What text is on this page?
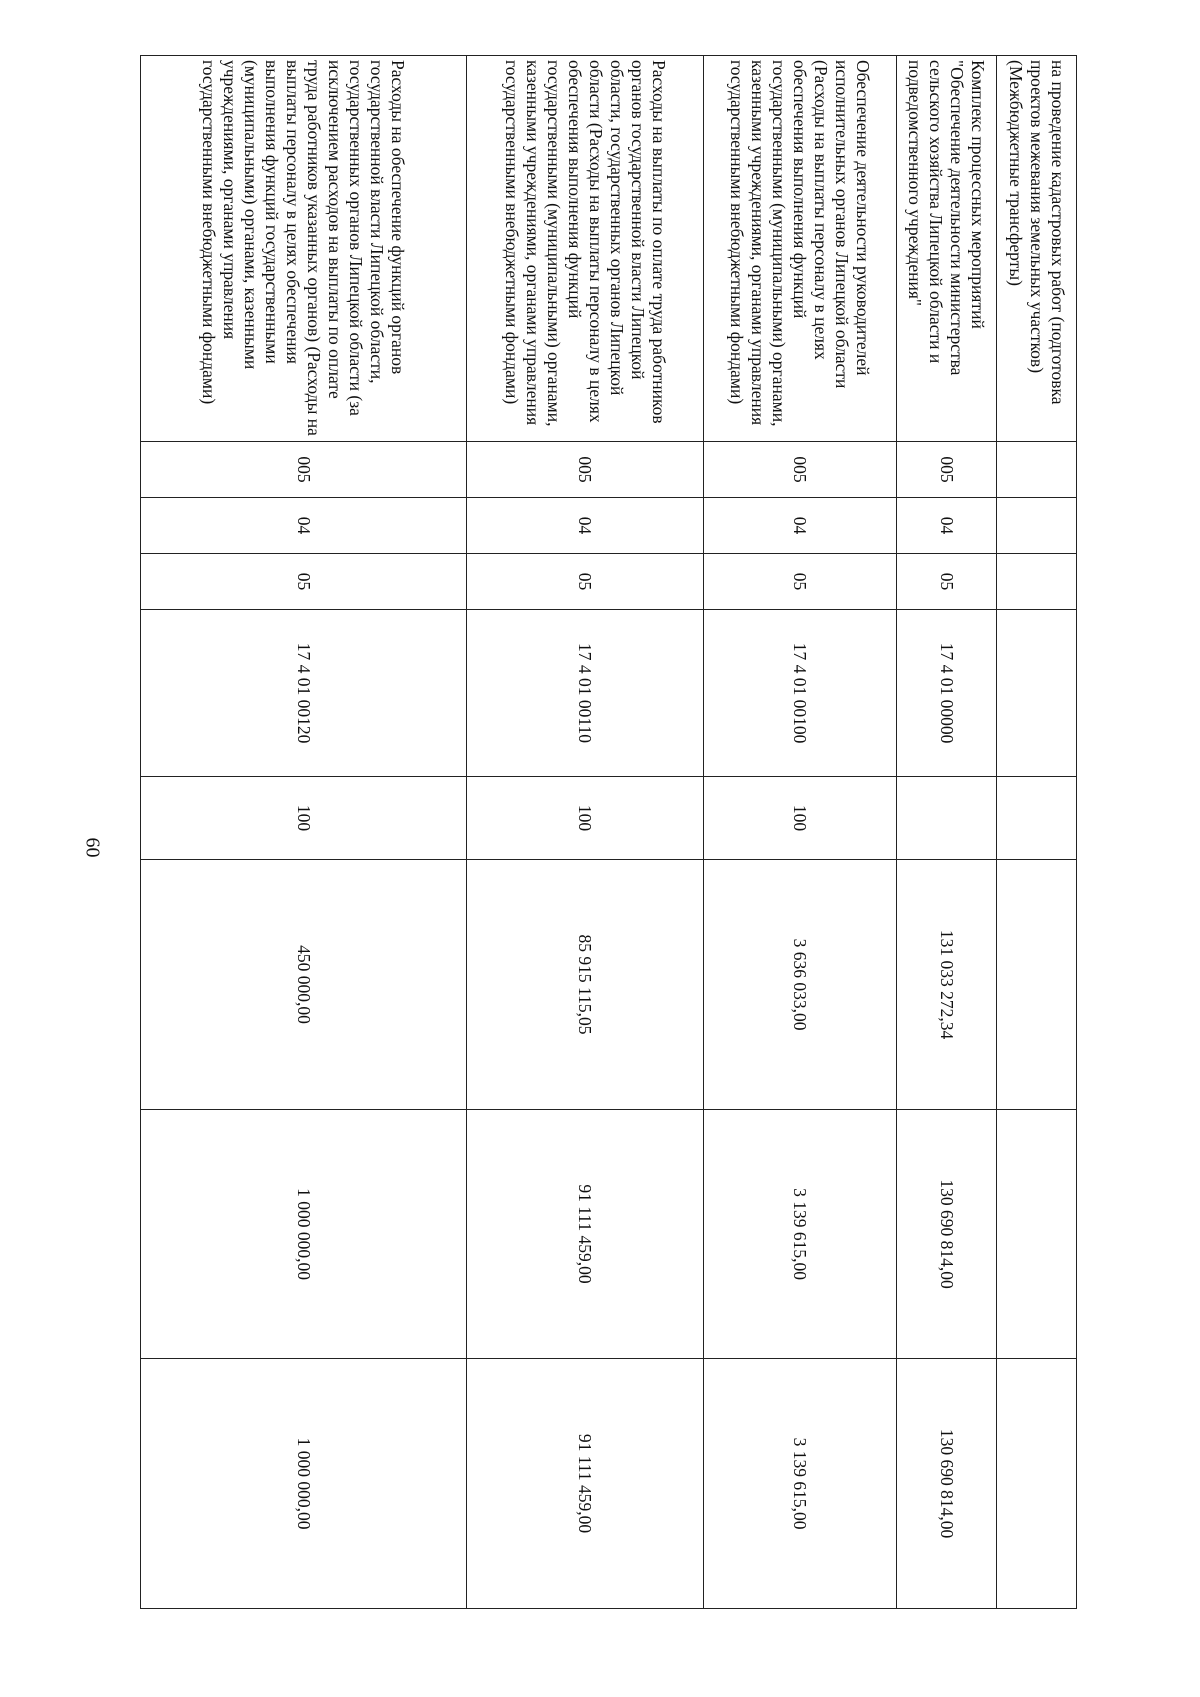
60
на проведение кадастровых работ (подготовка проектов межевания земельных участков) (Межбюджетные трансферты)								
Комплекс процессных мероприятий "Обеспечение деятельности министерства сельского хозяйства Липецкой области и подведомственного учреждения"	005	04	05	17 4 01 00000		131 033 272,34	130 690 814,00	130 690 814,00
Обеспечение деятельности руководителей исполнительных органов Липецкой области (Расходы на выплаты персоналу в целях обеспечения выполнения функций государственными (муниципальными) органами, казенными учреждениями, органами управления государственными внебюджетными фондами)	005	04	05	17 4 01 00100	100	3 636 033,00	3 139 615,00	3 139 615,00
Расходы на выплаты по оплате труда работников органов государственной власти Липецкой области, государственных органов Липецкой области (Расходы на выплаты персоналу в целях обеспечения выполнения функций государственными (муниципальными) органами, казенными учреждениями, органами управления государственными внебюджетными фондами)	005	04	05	17 4 01 00110	100	85 915 115,05	91 111 459,00	91 111 459,00
Расходы на обеспечение функций органов государственной власти Липецкой области, государственных органов Липецкой области (за исключением расходов на выплаты по оплате труда работников указанных органов) (Расходы на выплаты персоналу в целях обеспечения выполнения функций государственными (муниципальными) органами, казенными учреждениями, органами управления государственными внебюджетными фондами)	005	04	05	17 4 01 00120	100	450 000,00	1 000 000,00	1 000 000,00
